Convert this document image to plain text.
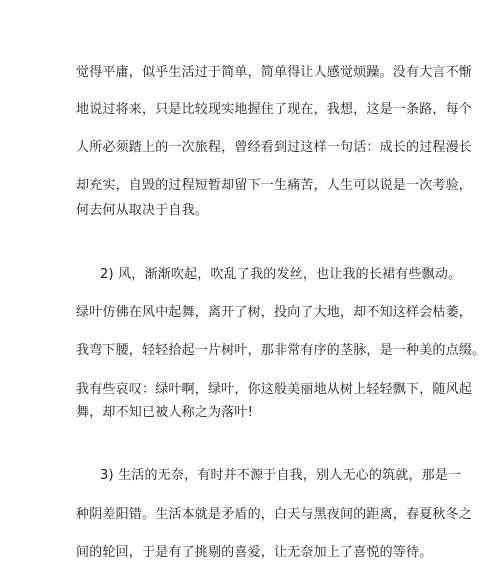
觉得平庸，似乎生活过于简单，简单得让人感觉烦躁。没有大言不惭

地说过将来，只是比较现实地握住了现在，我想，这是一条路，每个

人所必须踏上的一次旅程，曾经看到过这样一句话：成长的过程漫长

却充实，自毁的过程短暂却留下一生痛苦，人生可以说是一次考验，

何去何从取决于自我。

2) 风，渐渐吹起，吹乱了我的发丝，也让我的长裙有些飘动。

绿叶仿佛在风中起舞，离开了树，投向了大地，却不知这样会枯萎，

我弯下腰，轻轻拾起一片树叶，那非常有序的茎脉，是一种美的点缀。

我有些哀叹：绿叶啊，绿叶，你这般美丽地从树上轻轻飘下，随风起

舞，却不知已被人称之为落叶!

3) 生活的无奈，有时并不源于自我，别人无心的筑就，那是一

种阴差阳错。生活本就是矛盾的，白天与黑夜间的距离，春夏秋冬之

间的轮回，于是有了挑剔的喜爱，让无奈加上了喜悦的等待。
